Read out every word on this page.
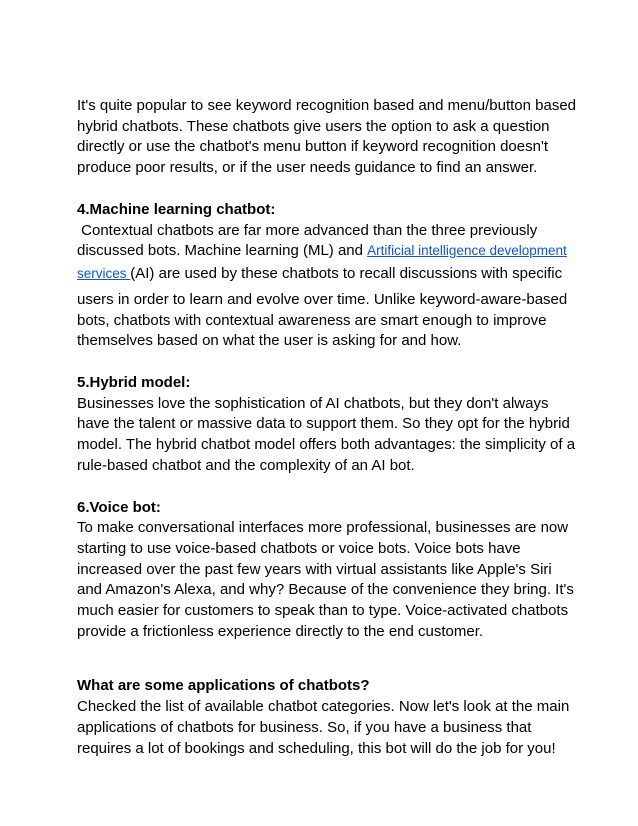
It's quite popular to see keyword recognition based and menu/button based
hybrid chatbots. These chatbots give users the option to ask a question
directly or use the chatbot's menu button if keyword recognition doesn't
produce poor results, or if the user needs guidance to find an answer.

4.Machine learning chatbot:
Contextual chatbots are far more advanced than the three previously
discussed bots. Machine learning (ML) and Artificial intelligence development
services (AI) are used by these chatbots to recall discussions with specific
users in order to learn and evolve over time. Unlike keyword-aware-based
bots, chatbots with contextual awareness are smart enough to improve
themselves based on what the user is asking for and how.

5.Hybrid model:
Businesses love the sophistication of AI chatbots, but they don't always
have the talent or massive data to support them. So they opt for the hybrid
model. The hybrid chatbot model offers both advantages: the simplicity of a
rule-based chatbot and the complexity of an AI bot.

6.Voice bot:
To make conversational interfaces more professional, businesses are now
starting to use voice-based chatbots or voice bots. Voice bots have
increased over the past few years with virtual assistants like Apple's Siri
and Amazon's Alexa, and why? Because of the convenience they bring. It's
much easier for customers to speak than to type. Voice-activated chatbots
provide a frictionless experience directly to the end customer.

What are some applications of chatbots?
Checked the list of available chatbot categories. Now let's look at the main
applications of chatbots for business. So, if you have a business that
requires a lot of bookings and scheduling, this bot will do the job for you!
